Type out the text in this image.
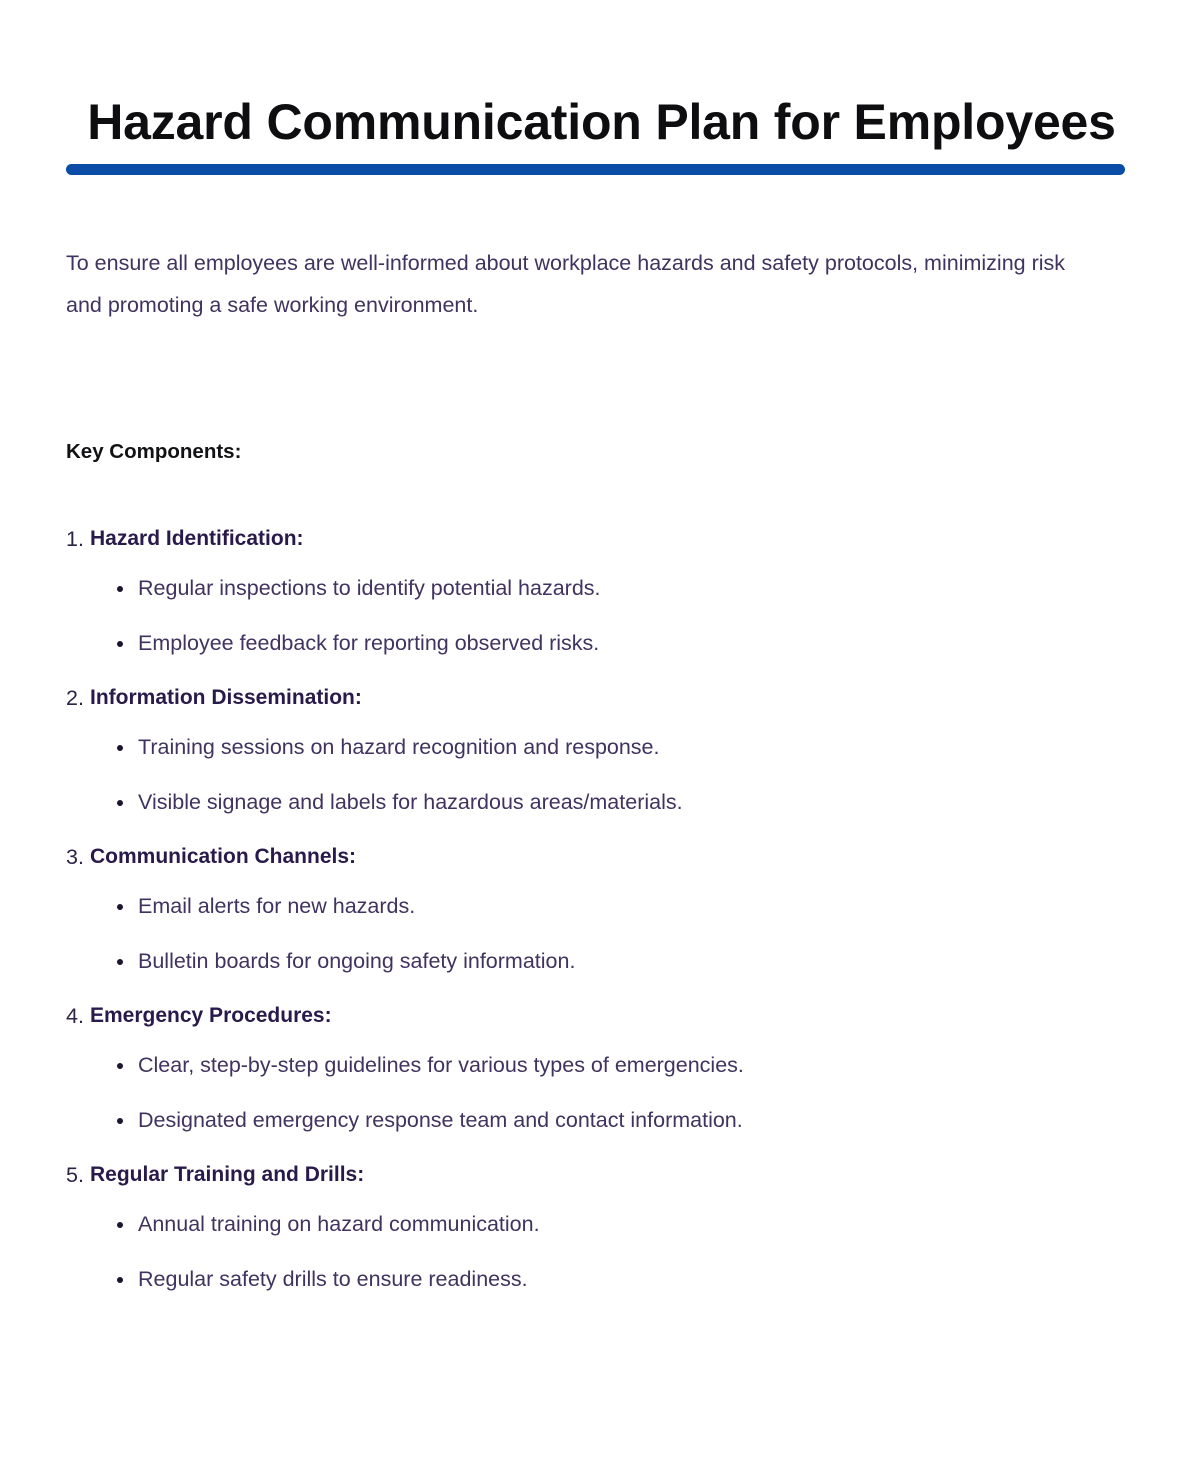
Hazard Communication Plan for Employees

To ensure all employees are well-informed about workplace hazards and safety protocols, minimizing risk and promoting a safe working environment.

Key Components:
1. Hazard Identification:
Regular inspections to identify potential hazards.
Employee feedback for reporting observed risks.
2. Information Dissemination:
Training sessions on hazard recognition and response.
Visible signage and labels for hazardous areas/materials.
3. Communication Channels:
Email alerts for new hazards.
Bulletin boards for ongoing safety information.
4. Emergency Procedures:
Clear, step-by-step guidelines for various types of emergencies.
Designated emergency response team and contact information.
5. Regular Training and Drills:
Annual training on hazard communication.
Regular safety drills to ensure readiness.
